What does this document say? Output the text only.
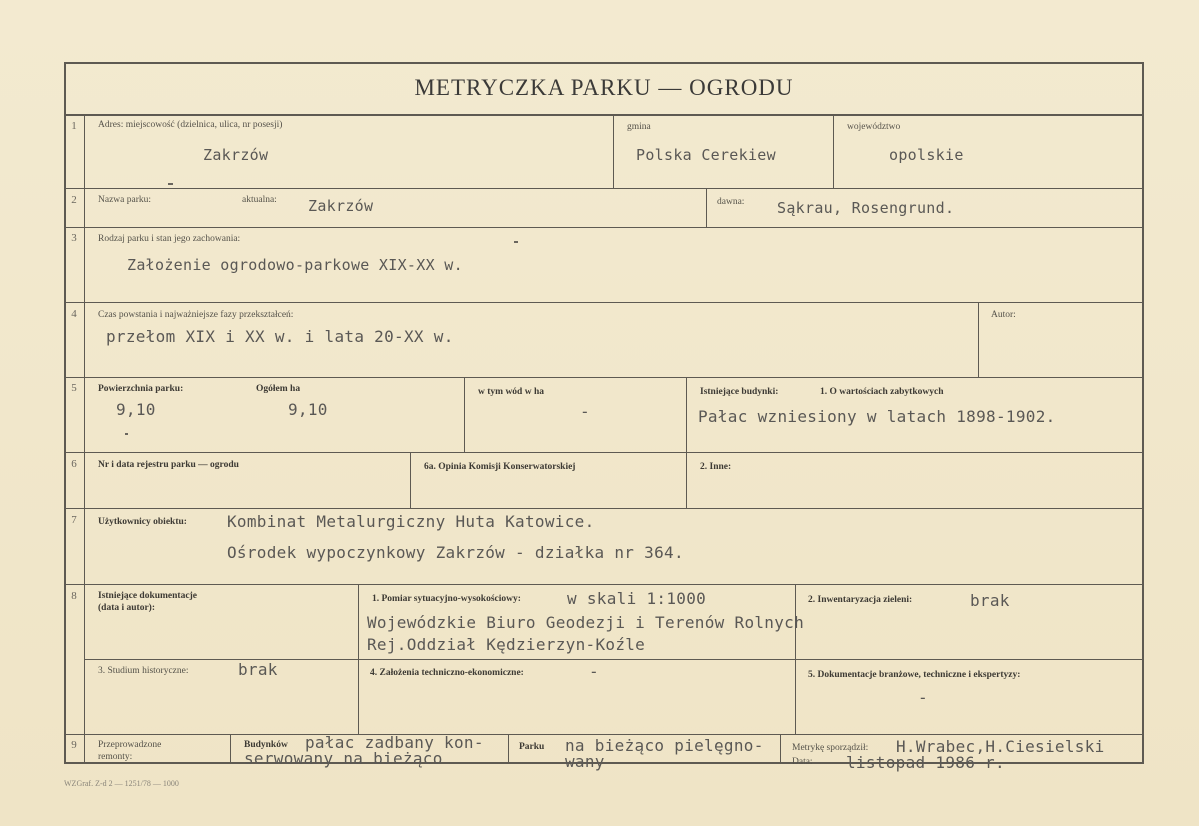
METRYCZKA PARKU — OGRODU
1
2
3
4
5
6
7
8
9
Adres: miejscowość (dzielnica, ulica, nr posesji)
Zakrzów
gmina
Polska Cerekiew
województwo
opolskie
Nazwa parku:	aktualna: Zakrzów	dawna: Sąkrau, Rosengrund.
Rodzaj parku i stan jego zachowania:
Założenie ogrodowo-parkowe XIX-XX w.
Czas powstania i najważniejsze fazy przekształceń:
przełom XIX i XX w. i lata 20-XX w.
Autor:
Powierzchnia parku:
9,10
Ogółem ha
9,10
w tym wód w ha
-
Istniejące budynki:	1. O wartościach zabytkowych
Pałac wzniesiony w latach 1898-1902.
Nr i data rejestru parku — ogrodu	6a. Opinia Komisji Konserwatorskiej	2. Inne:
Użytkownicy obiektu:	Kombinat Metalurgiczny Huta Katowice.
Ośrodek wypoczynkowy Zakrzów - działka nr 364.
Istniejące dokumentacje
(data i autor):
1. Pomiar sytuacyjno-wysokościowy:	w skali 1:1000
Wojewódzkie Biuro Geodezji i Terenów Rolnych
Rej.Oddział Kędzierzyn-Koźle
2. Inwentaryzacja zieleni:	brak
3. Studium historyczne:	brak	4. Założenia techniczno-ekonomiczne:	-	5. Dokumentacje branżowe, techniczne i ekspertyzy:
-
Przeprowadzone
remonty:
Budynków pałac zadbany kon-
serwowany na bieżąco
Parku na bieżąco pielęgno-
wany
Metrykę sporządził: H.Wrabec,H.Ciesielski
Data: listopad 1986 r.
WZGraf. Z-d 2 — 1251/78 — 1000
